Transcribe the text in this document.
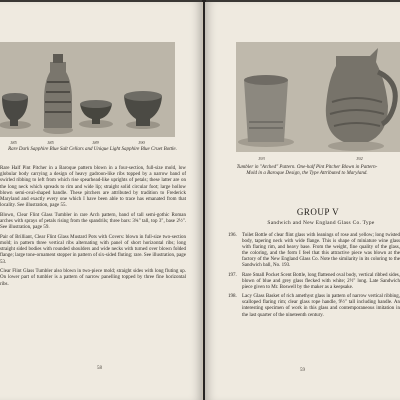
185	185	189	190
Rare Dark Sapphire Blue Salt Cellars and Unique Light Sapphire Blue Cruet Bottle.
Rare Half Pint Pitcher in a Baroque pattern blown in a four-section, full-size mold, low globular body carrying a design of heavy gadroon-like ribs topped by a narrow band of swirled ribbing to left from which rise spearhead-like uprights of petals; these latter are on the long neck which spreads to rim and wide lip; straight solid circular foot; large hollow blown semi-oval-shaped handle. These pitchers are attributed by tradition to Frederick Maryland and exactly every one which I have been able to trace has emanated from that locality. See illustration, page 55.
Blown, Clear Flint Glass Tumbler in rare Arch pattern, band of tall semi-gothic Roman arches with sprays of petals rising from the spandrils; three bars: 3¾" tall, top 3", base 2½". See illustration, page 59.
Pair of Brilliant, Clear Flint Glass Mustard Pots with Covers: blown in full-size two-section mold; in pattern three vertical ribs alternating with panel of short horizontal ribs; long straight sided bodies with rounded shoulders and wide necks with turned over blown folded flange; large tone-ornament stopper in pattern of six-sided fluting; rare. See illustration, page 53.
Clear Flint Glass Tumbler also blown in two-piece mold; straight sides with long fluting up. On lower part of tumbler is a pattern of narrow panelling topped by three fine horizontal ribs.
58
193	192
Tumbler in "Arched" Pattern. One-half Pint Pitcher Blown in Pattern-Mold in a Baroque Design, the Type Attributed to Maryland.
GROUP V
Sandwich and New England Glass Co. Type
196.	Toilet Bottle of clear flint glass with leanings of rose and yellow; long twisted body, tapering neck with wide flange. This is shape of miniature wine glass with flaring rim, and heavy base. From the weight, fine quality of the glass, the coloring, and the form I feel that this attractive piece was blown at the factory of the New England Glass Co. Note the similarity in its coloring to the Sandwich ball, No. 193.
197.	Rare Small Pocket Scent Bottle, long flattened oval body, vertical ribbed sides, blown of blue and grey glass flecked with white; 2½" long. Late Sandwich piece given to Mr. Boswell by the maker as a keepsake.
198.	Lacy Glass Basket of rich amethyst glass in pattern of narrow vertical ribbing, scalloped flaring rim; clear glass rope handle, 9½" tall including handle. An interesting specimen of work in this glass and contemporaneous imitation in the last quarter of the nineteenth century.
59
